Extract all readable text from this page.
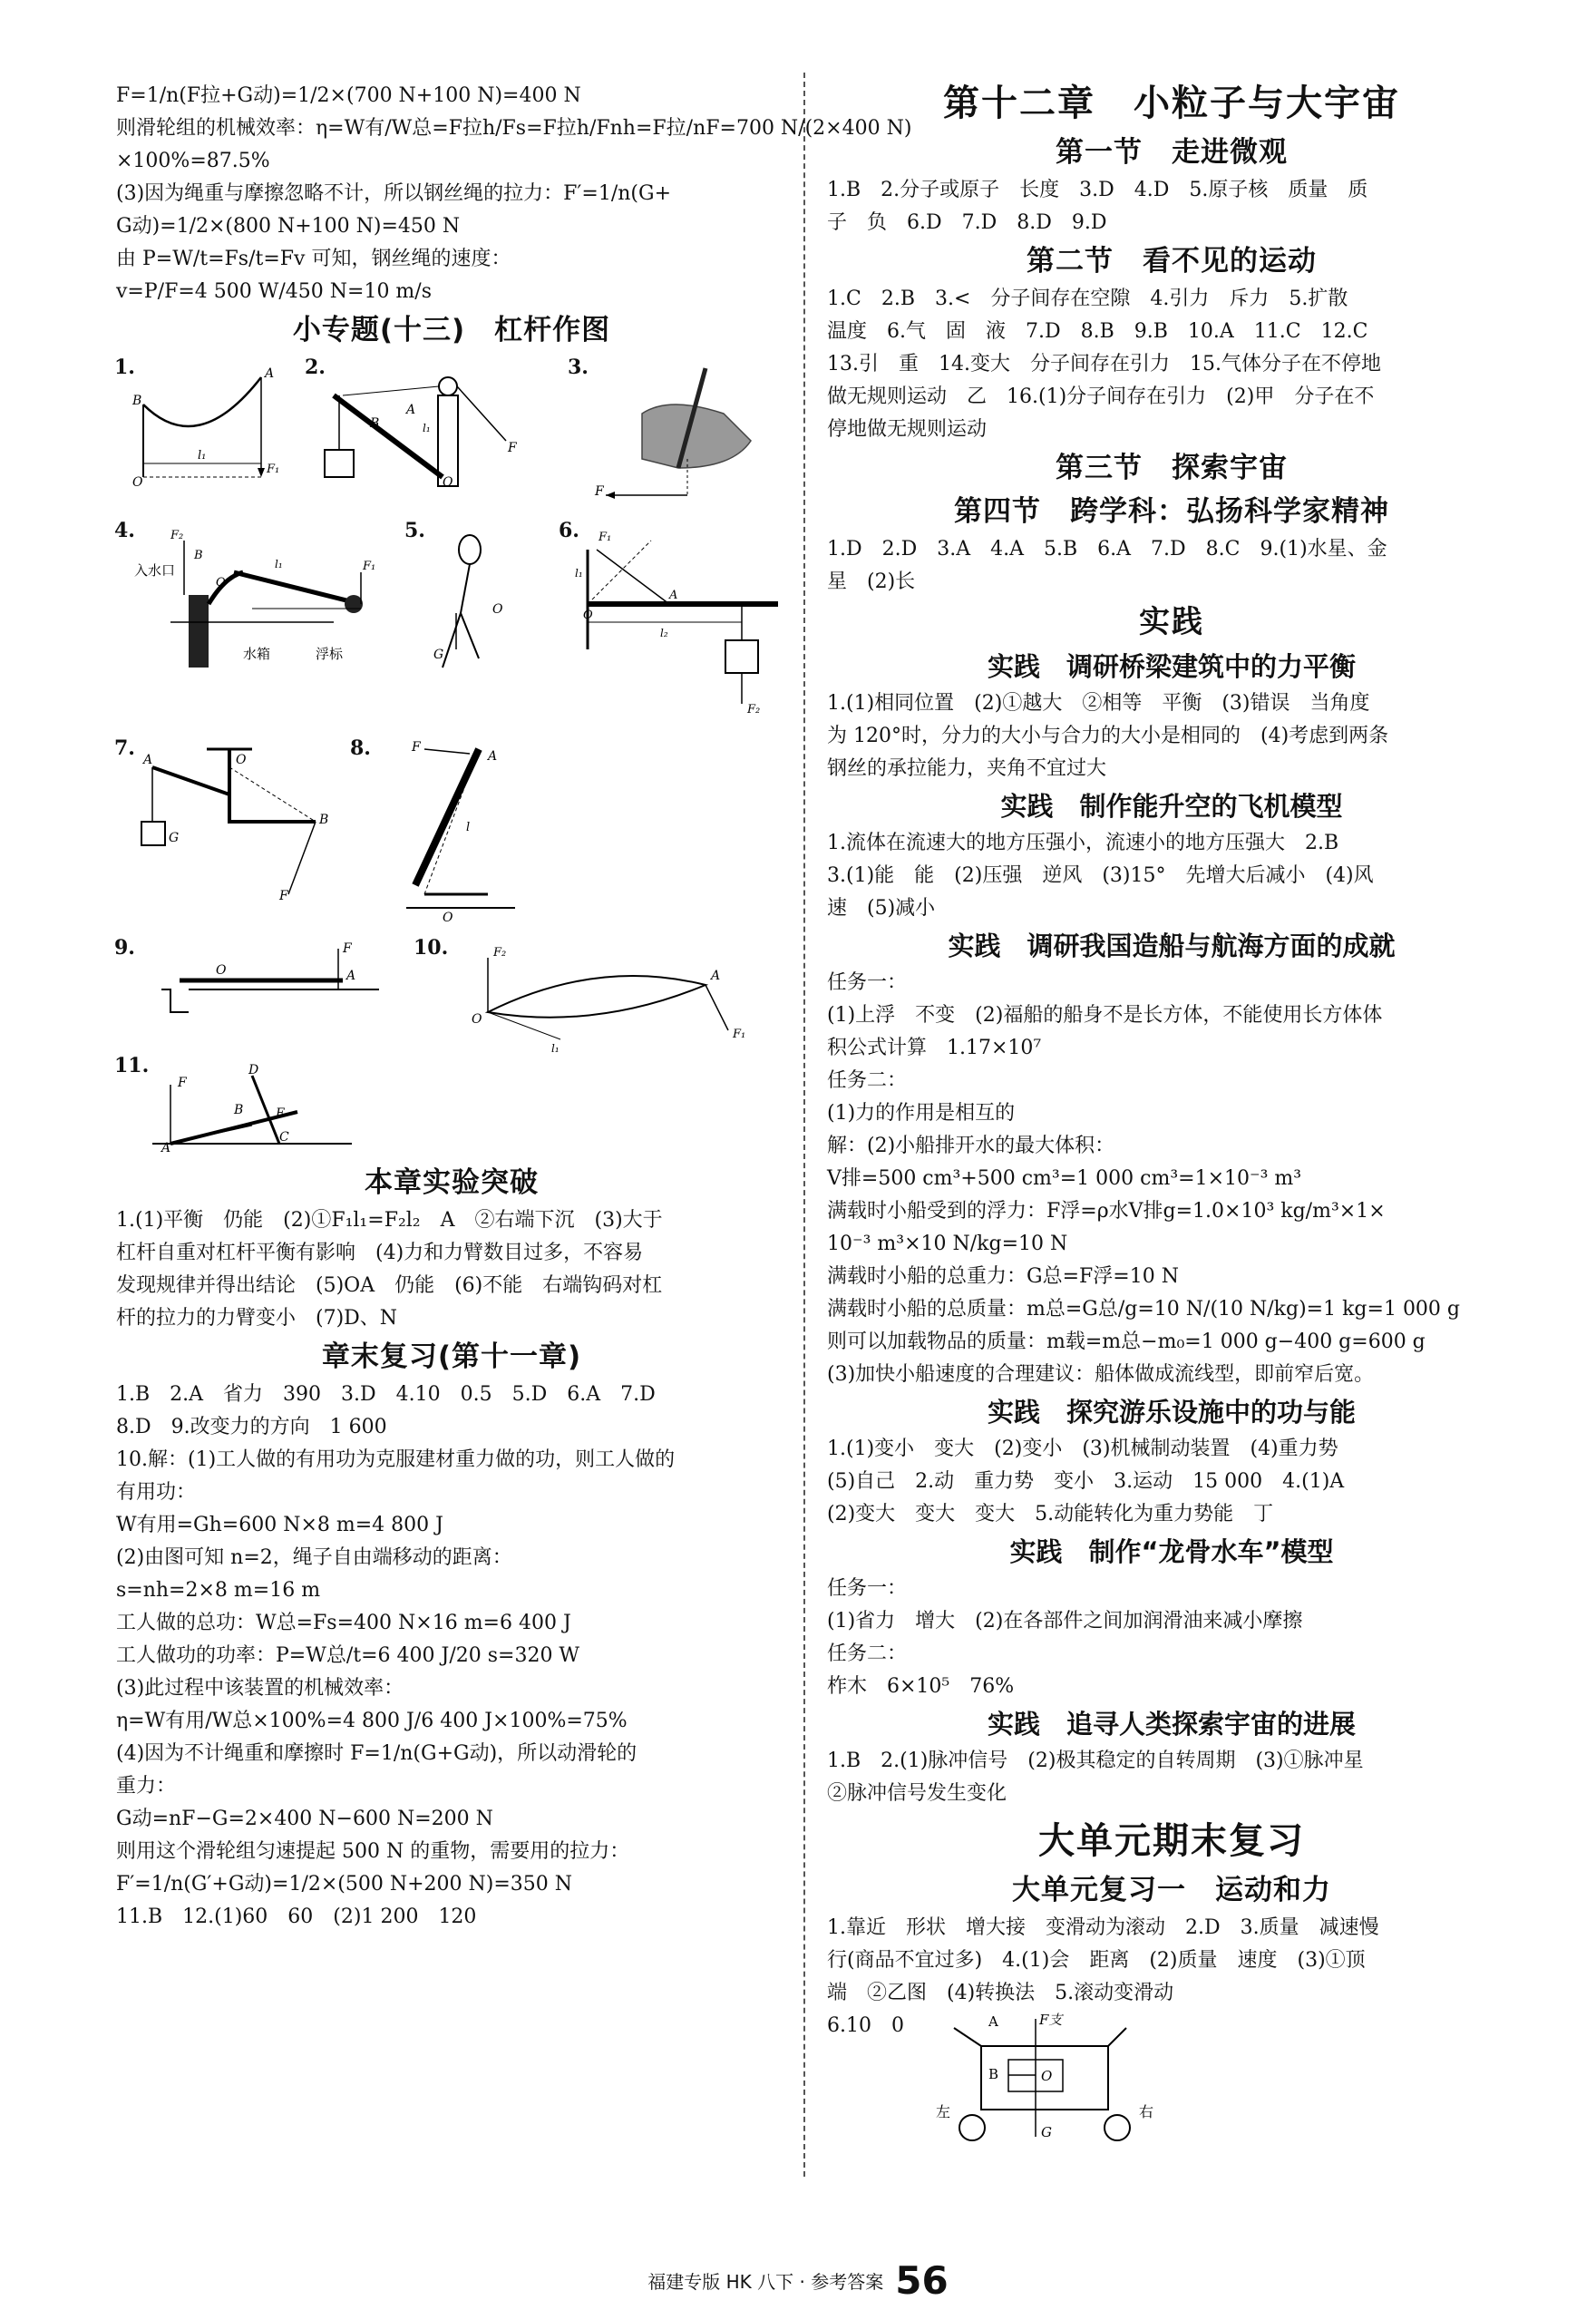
F=1/n(F拉+G动)=1/2×(700 N+100 N)=400 N
则滑轮组的机械效率：η=W有/W总=F拉h/Fs=F拉h/Fnh=F拉/nF=700 N/(2×400 N)
×100%=87.5%
(3)因为绳重与摩擦忽略不计，所以钢丝绳的拉力：F′=1/n(G+
G动)=1/2×(800 N+100 N)=450 N
由 P=W/t=Fs/t=Fv 可知，钢丝绳的速度：
v=P/F=4 500 W/450 N=10 m/s
小专题(十三)　杠杆作图
1.
B
O
A
l₁
F₁
2.
B
A
O
F
l₁
3.
F
4.	F₂
B
O
l₁	F₁
入水口
水箱	浮标
5.
G
O
6. F₁
l₁
O
A
l₂
F₂
7. A	O
B
G
F
8.	F
A
l
O
9.
O
F
A
10.	F₂
O
A
F₁
l₁
11.
F
A
D
B	E
C
本章实验突破
1.(1)平衡　仍能　(2)①F₁l₁=F₂l₂　A　②右端下沉　(3)大于
杠杆自重对杠杆平衡有影响　(4)力和力臂数目过多，不容易
发现规律并得出结论　(5)OA　仍能　(6)不能　右端钩码对杠
杆的拉力的力臂变小　(7)D、N
章末复习(第十一章)
1.B　2.A　省力　390　3.D　4.10　0.5　5.D　6.A　7.D
8.D　9.改变力的方向　1 600
10.解：(1)工人做的有用功为克服建材重力做的功，则工人做的
有用功：
W有用=Gh=600 N×8 m=4 800 J
(2)由图可知 n=2，绳子自由端移动的距离：
s=nh=2×8 m=16 m
工人做的总功：W总=Fs=400 N×16 m=6 400 J
工人做功的功率：P=W总/t=6 400 J/20 s=320 W
(3)此过程中该装置的机械效率：
η=W有用/W总×100%=4 800 J/6 400 J×100%=75%
(4)因为不计绳重和摩擦时 F=1/n(G+G动)，所以动滑轮的
重力：
G动=nF−G=2×400 N−600 N=200 N
则用这个滑轮组匀速提起 500 N 的重物，需要用的拉力：
F′=1/n(G′+G动)=1/2×(500 N+200 N)=350 N
11.B　12.(1)60　60　(2)1 200　120
第十二章　小粒子与大宇宙
第一节　走进微观
1.B　2.分子或原子　长度　3.D　4.D　5.原子核　质量　质
子　负　6.D　7.D　8.D　9.D
第二节　看不见的运动
1.C　2.B　3.<　分子间存在空隙　4.引力　斥力　5.扩散
温度　6.气　固　液　7.D　8.B　9.B　10.A　11.C　12.C
13.引　重　14.变大　分子间存在引力　15.气体分子在不停地
做无规则运动　乙　16.(1)分子间存在引力　(2)甲　分子在不
停地做无规则运动
第三节　探索宇宙
第四节　跨学科：弘扬科学家精神
1.D　2.D　3.A　4.A　5.B　6.A　7.D　8.C　9.(1)水星、金
星　(2)长
实践
实践　调研桥梁建筑中的力平衡
1.(1)相同位置　(2)①越大　②相等　平衡　(3)错误　当角度
为 120°时，分力的大小与合力的大小是相同的　(4)考虑到两条
钢丝的承拉能力，夹角不宜过大
实践　制作能升空的飞机模型
1.流体在流速大的地方压强小，流速小的地方压强大　2.B
3.(1)能　能　(2)压强　逆风　(3)15°　先增大后减小　(4)风
速　(5)减小
实践　调研我国造船与航海方面的成就
任务一：
(1)上浮　不变　(2)福船的船身不是长方体，不能使用长方体体
积公式计算　1.17×10⁷
任务二：
(1)力的作用是相互的
解：(2)小船排开水的最大体积：
V排=500 cm³+500 cm³=1 000 cm³=1×10⁻³ m³
满载时小船受到的浮力：F浮=ρ水V排g=1.0×10³ kg/m³×1×
10⁻³ m³×10 N/kg=10 N
满载时小船的总重力：G总=F浮=10 N
满载时小船的总质量：m总=G总/g=10 N/(10 N/kg)=1 kg=1 000 g
则可以加载物品的质量：m载=m总−m₀=1 000 g−400 g=600 g
(3)加快小船速度的合理建议：船体做成流线型，即前窄后宽。
实践　探究游乐设施中的功与能
1.(1)变小　变大　(2)变小　(3)机械制动装置　(4)重力势
(5)自己　2.动　重力势　变小　3.运动　15 000　4.(1)A
(2)变大　变大　变大　5.动能转化为重力势能　丁
实践　制作“龙骨水车”模型
任务一：
(1)省力　增大　(2)在各部件之间加润滑油来减小摩擦
任务二：
柞木　6×10⁵　76%
实践　追寻人类探索宇宙的进展
1.B　2.(1)脉冲信号　(2)极其稳定的自转周期　(3)①脉冲星
②脉冲信号发生变化
大单元期末复习
大单元复习一　运动和力
1.靠近　形状　增大接　变滑动为滚动　2.D　3.质量　减速慢
行(商品不宜过多)　4.(1)会　距离　(2)质量　速度　(3)①顶
端　②乙图　(4)转换法　5.滚动变滑动
6.10　0	A	F支
B	O
G
左	右
福建专版 HK 八下 · 参考答案 56
